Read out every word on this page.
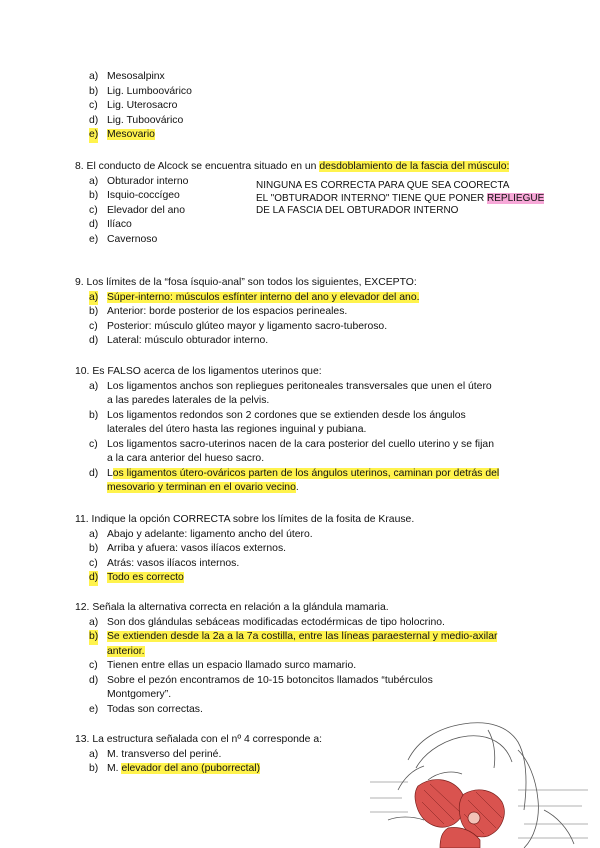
a) Mesosalpinx
b) Lig. Lumboovárico
c) Lig. Uterosacro
d) Lig. Tuboovárico
e) Mesovario

8. El conducto de Alcock se encuentra situado en un desdoblamiento de la fascia del músculo:

a) Obturador interno
b) Isquio-coccígeo
c) Elevador del ano
d) Ilíaco
e) Cavernoso
NINGUNA ES CORRECTA PARA QUE SEA COORECTA
EL "OBTURADOR INTERNO" TIENE QUE PONER REPLIEGUE
DE LA FASCIA DEL OBTURADOR INTERNO

9. Los límites de la “fosa ísquio-anal” son todos los siguientes, EXCEPTO:

a) Súper-interno: músculos esfínter interno del ano y elevador del ano.
b) Anterior: borde posterior de los espacios perineales.
c) Posterior: músculo glúteo mayor y ligamento sacro-tuberoso.
d) Lateral: músculo obturador interno.

10. Es FALSO acerca de los ligamentos uterinos que:

a) Los ligamentos anchos son repliegues peritoneales transversales que unen el útero
a las paredes laterales de la pelvis.
b) Los ligamentos redondos son 2 cordones que se extienden desde los ángulos
laterales del útero hasta las regiones inguinal y pubiana.
c) Los ligamentos sacro-uterinos nacen de la cara posterior del cuello uterino y se fijan
a la cara anterior del hueso sacro.
d) Los ligamentos útero-ováricos parten de los ángulos uterinos, caminan por detrás del
mesovario y terminan en el ovario vecino.

11. Indique la opción CORRECTA sobre los límites de la fosita de Krause.

a) Abajo y adelante: ligamento ancho del útero.
b) Arriba y afuera: vasos ilíacos externos.
c) Atrás: vasos ilíacos internos.
d) Todo es correcto

12. Señala la alternativa correcta en relación a la glándula mamaria.

a) Son dos glándulas sebáceas modificadas ectodérmicas de tipo holocrino.
b) Se extienden desde la 2a a la 7a costilla, entre las líneas paraesternal y medio-axilar
anterior.
c) Tienen entre ellas un espacio llamado surco mamario.
d) Sobre el pezón encontramos de 10-15 botoncitos llamados “tubérculos
Montgomery”.
e) Todas son correctas.

13. La estructura señalada con el nº 4 corresponde a:

a) M. transverso del periné.
b) M. elevador del ano (puborrectal)
